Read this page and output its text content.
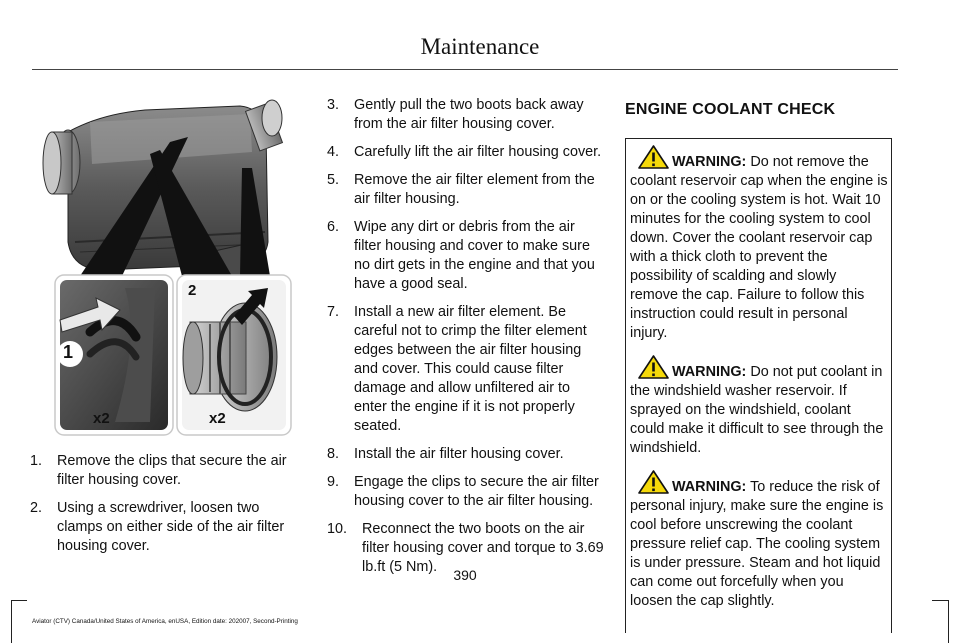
Maintenance
1
2
x2	x2
1. Remove the clips that secure the air filter housing cover.
2. Using a screwdriver, loosen two clamps on either side of the air filter housing cover.
3. Gently pull the two boots back away from the air filter housing cover.
4. Carefully lift the air filter housing cover.
5. Remove the air filter element from the air filter housing.
6. Wipe any dirt or debris from the air filter housing and cover to make sure no dirt gets in the engine and that you have a good seal.
7. Install a new air filter element. Be careful not to crimp the filter element edges between the air filter housing and cover. This could cause filter damage and allow unfiltered air to enter the engine if it is not properly seated.
8. Install the air filter housing cover.
9. Engage the clips to secure the air filter housing cover to the air filter housing.
10. Reconnect the two boots on the air filter housing cover and torque to 3.69 lb.ft (5 Nm).
ENGINE COOLANT CHECK
WARNING: Do not remove the coolant reservoir cap when the engine is on or the cooling system is hot. Wait 10 minutes for the cooling system to cool down. Cover the coolant reservoir cap with a thick cloth to prevent the possibility of scalding and slowly remove the cap. Failure to follow this instruction could result in personal injury.
WARNING: Do not put coolant in the windshield washer reservoir. If sprayed on the windshield, coolant could make it difficult to see through the windshield.
WARNING: To reduce the risk of personal injury, make sure the engine is cool before unscrewing the coolant pressure relief cap. The cooling system is under pressure. Steam and hot liquid can come out forcefully when you loosen the cap slightly.
390
Aviator (CTV) Canada/United States of America, enUSA, Edition date: 202007, Second-Printing
